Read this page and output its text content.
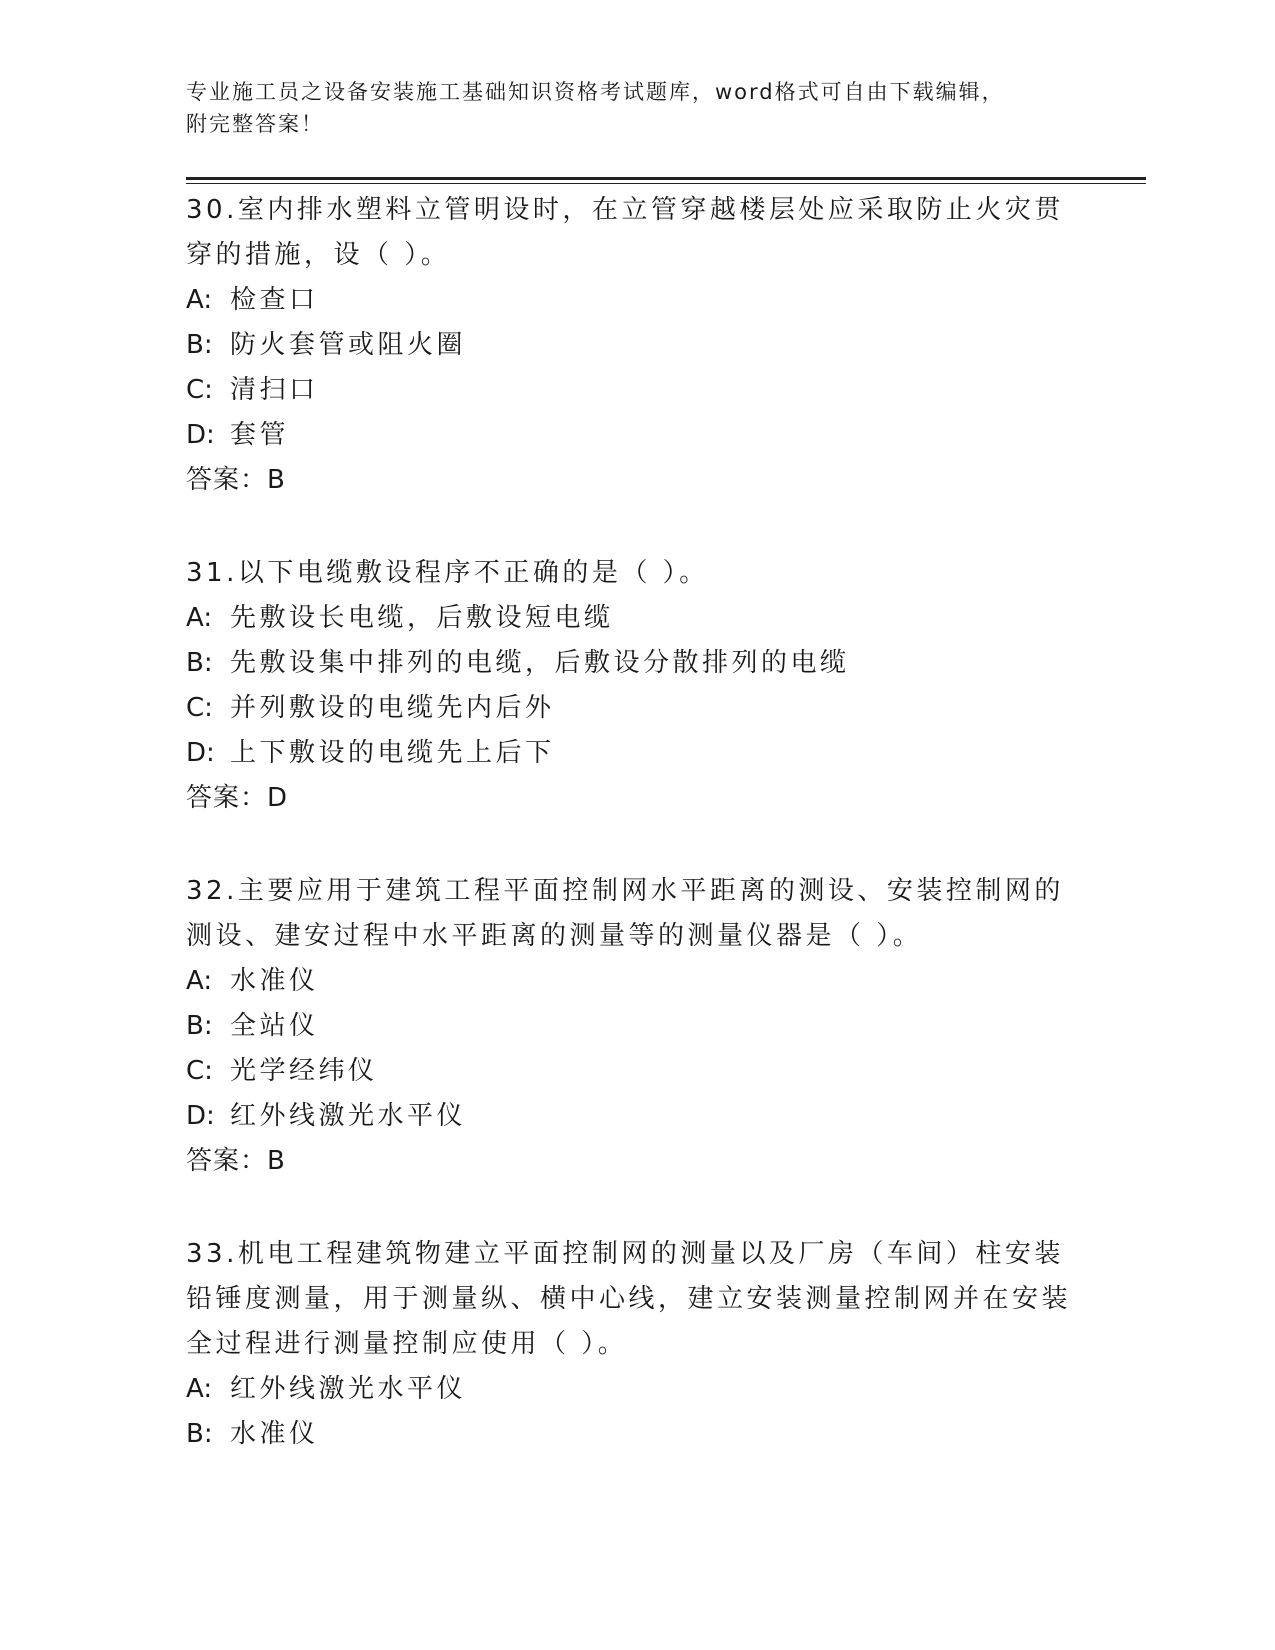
专业施工员之设备安装施工基础知识资格考试题库，word格式可自由下载编辑，
附完整答案！

30.室内排水塑料立管明设时，在立管穿越楼层处应采取防止火灾贯穿的措施，设（ ）。

A: 检查口
B: 防火套管或阻火圈
C: 清扫口
D: 套管
答案：B

31.以下电缆敷设程序不正确的是（ ）。

A: 先敷设长电缆，后敷设短电缆
B: 先敷设集中排列的电缆，后敷设分散排列的电缆
C: 并列敷设的电缆先内后外
D: 上下敷设的电缆先上后下
答案：D

32.主要应用于建筑工程平面控制网水平距离的测设、安装控制网的测设、建安过程中水平距离的测量等的测量仪器是（ ）。

A: 水准仪
B: 全站仪
C: 光学经纬仪
D: 红外线激光水平仪
答案：B

33.机电工程建筑物建立平面控制网的测量以及厂房（车间）柱安装铅锤度测量，用于测量纵、横中心线，建立安装测量控制网并在安装全过程进行测量控制应使用（ ）。

A: 红外线激光水平仪
B: 水准仪
